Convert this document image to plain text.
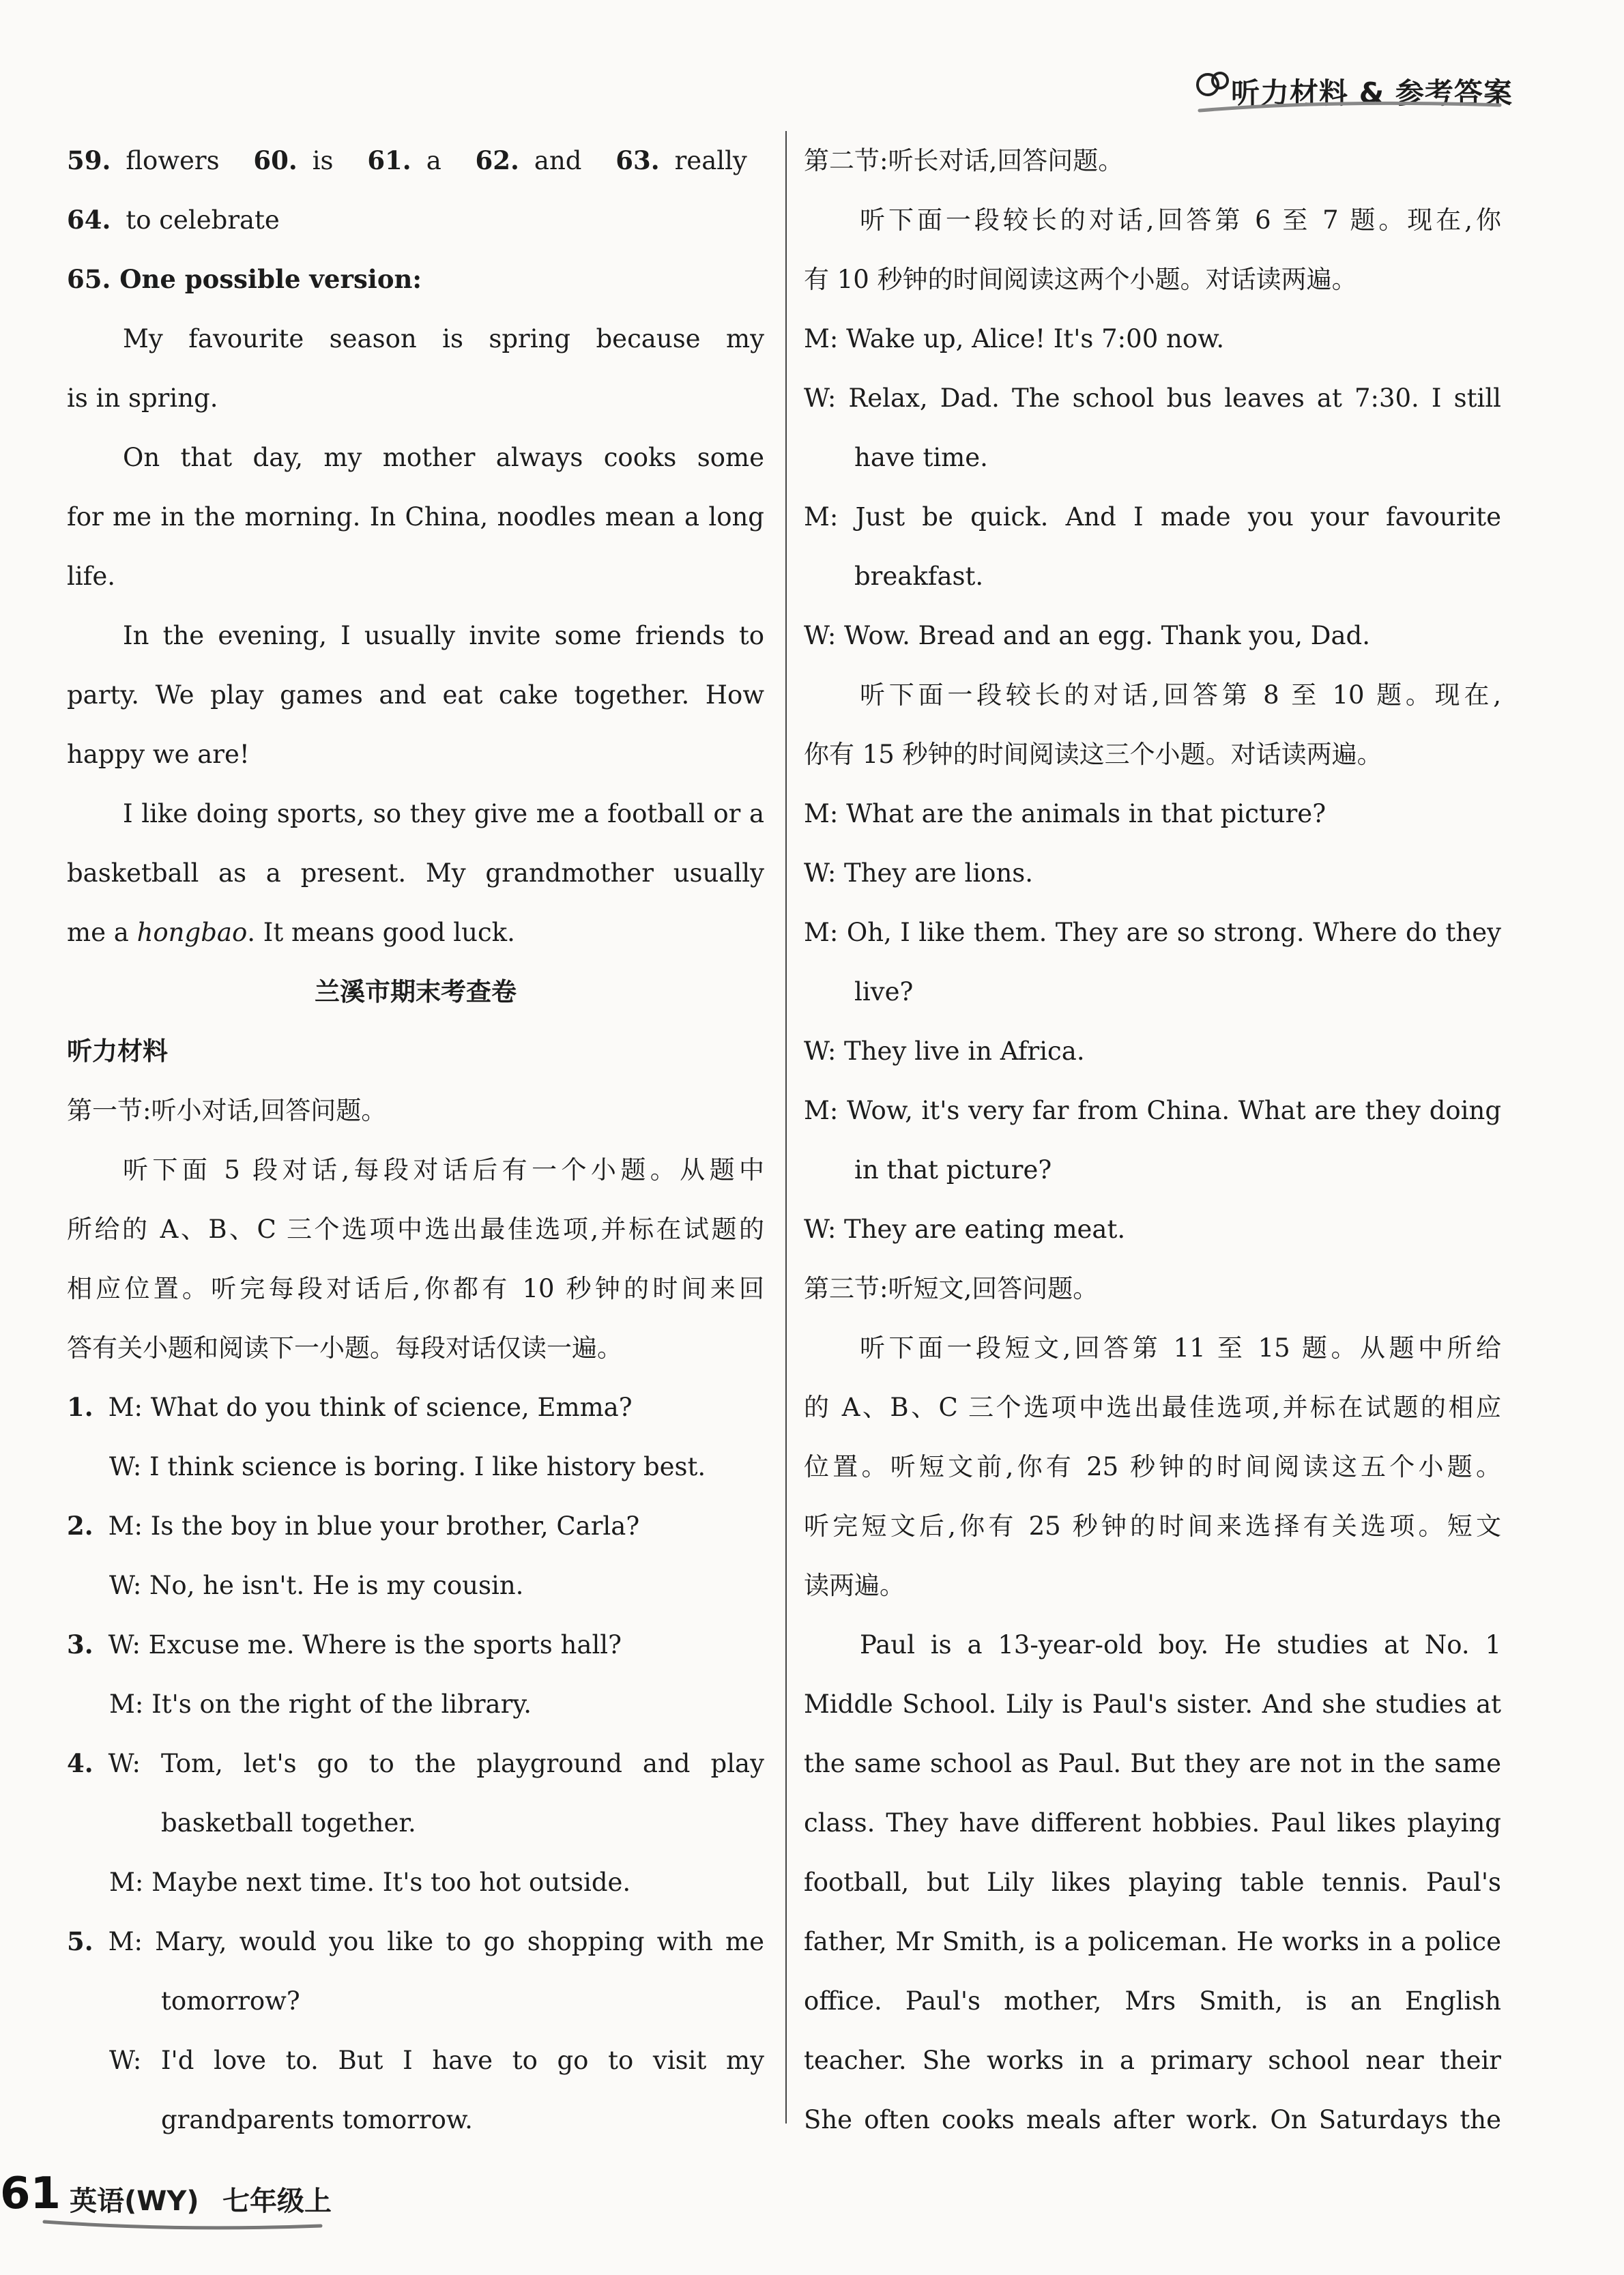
听力材料 & 参考答案
59. flowers 60. is 61. a 62. and 63. really
64. to celebrate
65. One possible version:
My favourite season is spring because my
is in spring.
On that day, my mother always cooks some
for me in the morning. In China, noodles mean a long
life.
In the evening, I usually invite some friends to
party. We play games and eat cake together. How
happy we are!
I like doing sports, so they give me a football or a
basketball as a present. My grandmother usually
me a hongbao. It means good luck.
兰溪市期末考查卷
听力材料
第一节:听小对话,回答问题。
听下面 5 段对话,每段对话后有一个小题。从题中
所给的 A、B、C 三个选项中选出最佳选项,并标在试题的
相应位置。听完每段对话后,你都有 10 秒钟的时间来回
答有关小题和阅读下一小题。每段对话仅读一遍。
1. M: What do you think of science, Emma?
W: I think science is boring. I like history best.
2. M: Is the boy in blue your brother, Carla?
W: No, he isn't. He is my cousin.
3. W: Excuse me. Where is the sports hall?
M: It's on the right of the library.
4. W: Tom, let's go to the playground and play
basketball together.
M: Maybe next time. It's too hot outside.
5. M: Mary, would you like to go shopping with me
tomorrow?
W: I'd love to. But I have to go to visit my
grandparents tomorrow.
第二节:听长对话,回答问题。
听下面一段较长的对话,回答第 6 至 7 题。现在,你
有 10 秒钟的时间阅读这两个小题。对话读两遍。
M: Wake up, Alice! It's 7:00 now.
W: Relax, Dad. The school bus leaves at 7:30. I still
have time.
M: Just be quick. And I made you your favourite
breakfast.
W: Wow. Bread and an egg. Thank you, Dad.
听下面一段较长的对话,回答第 8 至 10 题。现在,
你有 15 秒钟的时间阅读这三个小题。对话读两遍。
M: What are the animals in that picture?
W: They are lions.
M: Oh, I like them. They are so strong. Where do they
live?
W: They live in Africa.
M: Wow, it's very far from China. What are they doing
in that picture?
W: They are eating meat.
第三节:听短文,回答问题。
听下面一段短文,回答第 11 至 15 题。从题中所给
的 A、B、C 三个选项中选出最佳选项,并标在试题的相应
位置。听短文前,你有 25 秒钟的时间阅读这五个小题。
听完短文后,你有 25 秒钟的时间来选择有关选项。短文
读两遍。
Paul is a 13-year-old boy. He studies at No. 1
Middle School. Lily is Paul's sister. And she studies at
the same school as Paul. But they are not in the same
class. They have different hobbies. Paul likes playing
football, but Lily likes playing table tennis. Paul's
father, Mr Smith, is a policeman. He works in a police
office. Paul's mother, Mrs Smith, is an English
teacher. She works in a primary school near their
She often cooks meals after work. On Saturdays the
61 英语(WY) 七年级上
